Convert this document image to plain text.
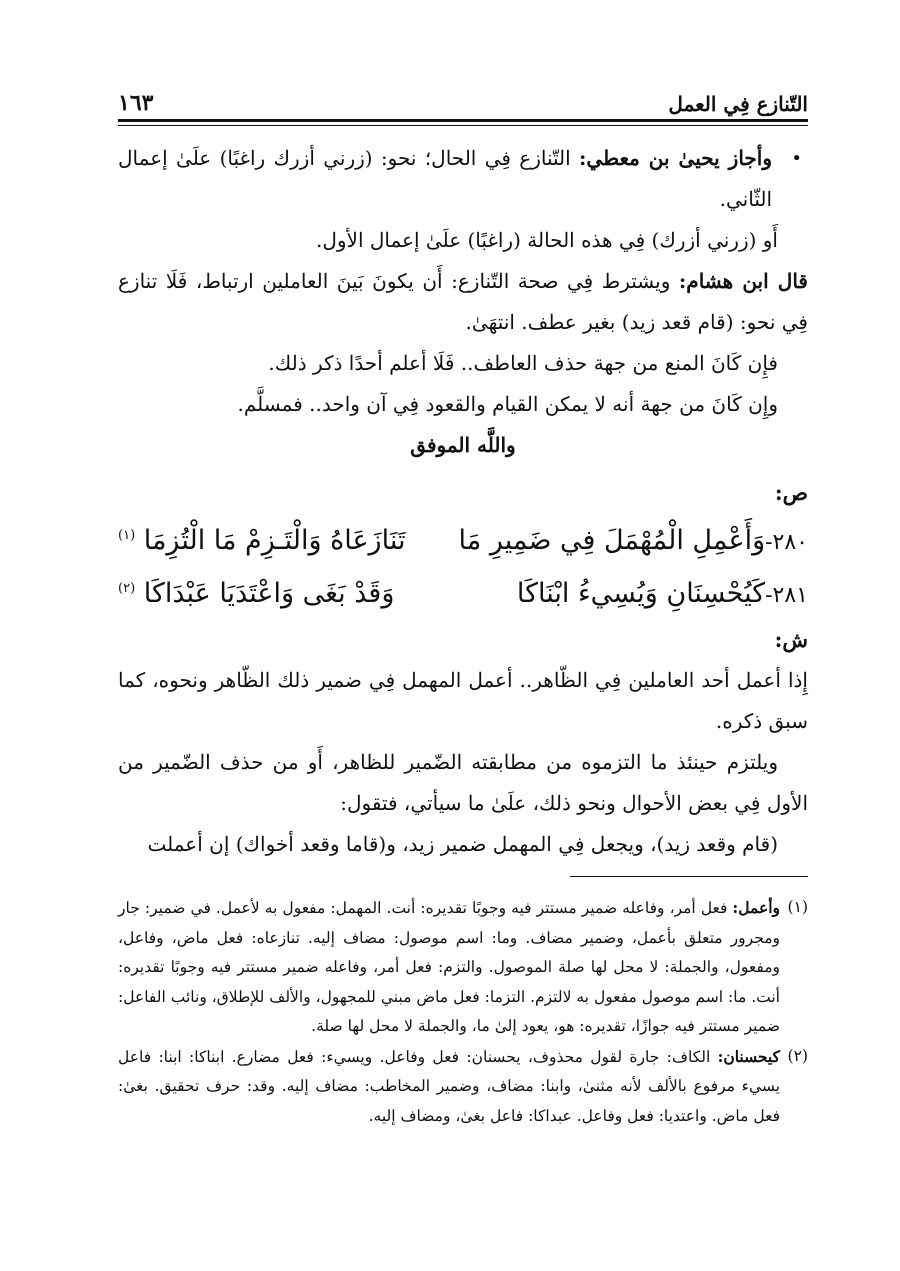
التّنازع فِي العمل
١٦٣

•
وأجاز يحيىٰ بن معطي: التّنازع فِي الحال؛ نحو: (زرني أزرك راغبًا) علَىٰ إعمال الثّاني.

أَو (زرني أزرك) فِي هذه الحالة (راغبًا) علَىٰ إعمال الأول.

قال ابن هشام: ويشترط فِي صحة التّنازع: أَن يكونَ بَينَ العاملين ارتباط، فَلَا تنازع فِي نحو: (قام قعد زيد) بغير عطف. انتهَىٰ.

فإِن كَانَ المنع من جهة حذف العاطف.. فَلَا أعلم أحدًا ذكر ذلك.

وإِن كَانَ من جهة أنه لا يمكن القيام والقعود فِي آن واحد.. فمسلَّم.

واللَّه الموفق

ص:

٢٨٠-وَأَعْمِلِ الْمُهْمَلَ فِي ضَمِيرِ مَا
تَنَازَعَاهُ وَالْتَـزِمْ مَا الْتُزِمَا $^{(١)}$
٢٨١-كَيُحْسِنَانِ وَيُسِيءُ ابْنَاكَا
وَقَدْ بَغَى وَاعْتَدَيَا عَبْدَاكَا $^{(٢)}$

ش:

إِذا أعمل أحد العاملين فِي الظّاهر.. أعمل المهمل فِي ضمير ذلك الظّاهر ونحوه، كما سبق ذكره.

ويلتزم حينئذ ما التزموه من مطابقته الضّمير للظاهر، أَو من حذف الضّمير من الأول فِي بعض الأحوال ونحو ذلك، علَىٰ ما سيأتي، فتقول:

(قام وقعد زيد)، ويجعل فِي المهمل ضمير زيد، و(قاما وقعد أخواك) إن أعملت

(١)
وأعمل: فعل أمر، وفاعله ضمير مستتر فيه وجوبًا تقديره: أنت. المهمل: مفعول به لأعمل. في ضمير: جار ومجرور متعلق بأعمل، وضمير مضاف. وما: اسم موصول: مضاف إليه. تنازعاه: فعل ماض، وفاعل، ومفعول، والجملة: لا محل لها صلة الموصول. والتزم: فعل أمر، وفاعله ضمير مستتر فيه وجوبًا تقديره: أنت. ما: اسم موصول مفعول به لالتزم. التزما: فعل ماض مبني للمجهول، والألف للإطلاق، ونائب الفاعل: ضمير مستتر فيه جوازًا، تقديره: هو، يعود إلىٰ ما، والجملة لا محل لها صلة.

(٢)
كيحسنان: الكاف: جارة لقول محذوف، يحسنان: فعل وفاعل. ويسيء: فعل مضارع. ابناكا: ابنا: فاعل يسيء مرفوع بالألف لأنه مثنىٰ، وابنا: مضاف، وضمير المخاطب: مضاف إليه. وقد: حرف تحقيق. بغىٰ: فعل ماض. واعتديا: فعل وفاعل. عبداكا: فاعل بغىٰ، ومضاف إليه.
